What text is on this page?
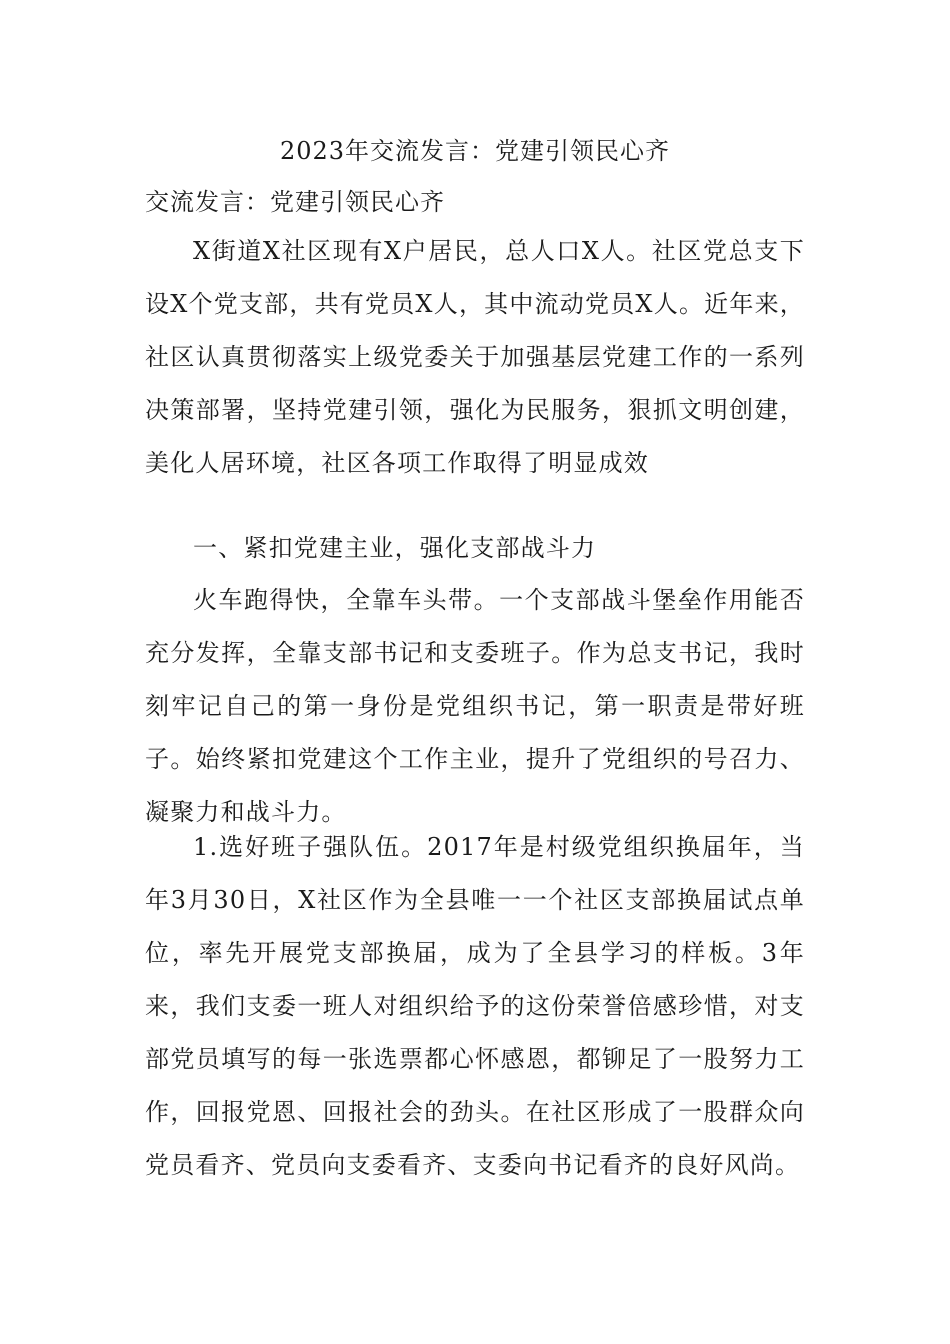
2023年交流发言：党建引领民心齐
交流发言：党建引领民心齐

X街道X社区现有X户居民，总人口X人。社区党总支下设X个党支部，共有党员X人，其中流动党员X人。近年来，社区认真贯彻落实上级党委关于加强基层党建工作的一系列决策部署，坚持党建引领，强化为民服务，狠抓文明创建，美化人居环境，社区各项工作取得了明显成效

一、紧扣党建主业，强化支部战斗力

火车跑得快，全靠车头带。一个支部战斗堡垒作用能否充分发挥，全靠支部书记和支委班子。作为总支书记，我时刻牢记自己的第一身份是党组织书记，第一职责是带好班子。始终紧扣党建这个工作主业，提升了党组织的号召力、凝聚力和战斗力。

1.选好班子强队伍。2017年是村级党组织换届年，当年3月30日，X社区作为全县唯一一个社区支部换届试点单位，率先开展党支部换届，成为了全县学习的样板。3年来，我们支委一班人对组织给予的这份荣誉倍感珍惜，对支部党员填写的每一张选票都心怀感恩，都铆足了一股努力工作，回报党恩、回报社会的劲头。在社区形成了一股群众向党员看齐、党员向支委看齐、支委向书记看齐的良好风尚。
